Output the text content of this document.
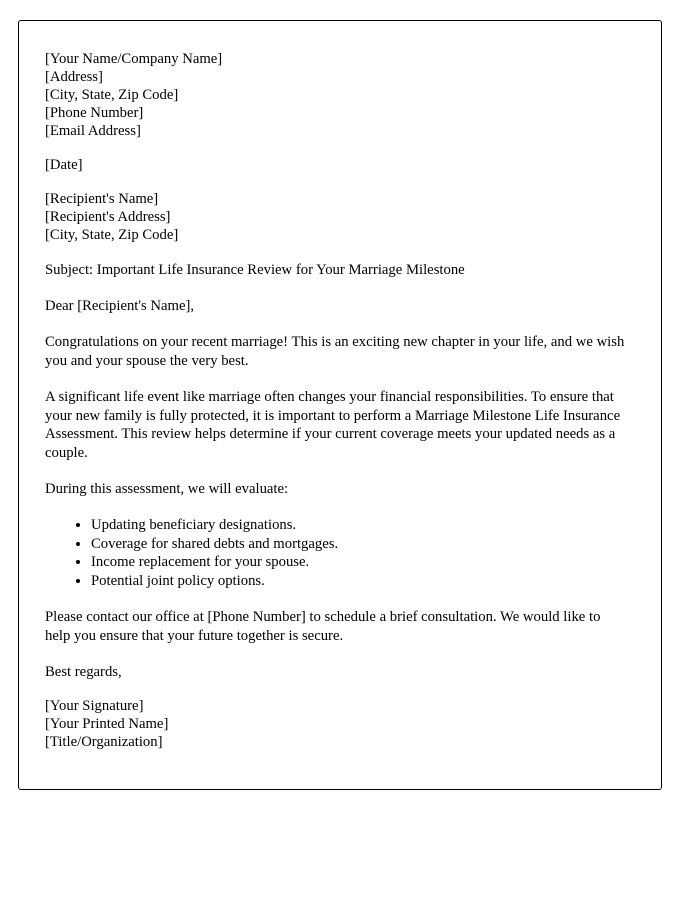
[Your Name/Company Name]
[Address]
[City, State, Zip Code]
[Phone Number]
[Email Address]
[Date]
[Recipient's Name]
[Recipient's Address]
[City, State, Zip Code]

Subject: Important Life Insurance Review for Your Marriage Milestone

Dear [Recipient's Name],

Congratulations on your recent marriage! This is an exciting new chapter in your life, and we wish you and your spouse the very best.

A significant life event like marriage often changes your financial responsibilities. To ensure that your new family is fully protected, it is important to perform a Marriage Milestone Life Insurance Assessment. This review helps determine if your current coverage meets your updated needs as a couple.

During this assessment, we will evaluate:

• Updating beneficiary designations.
• Coverage for shared debts and mortgages.
• Income replacement for your spouse.
• Potential joint policy options.

Please contact our office at [Phone Number] to schedule a brief consultation. We would like to help you ensure that your future together is secure.

Best regards,

[Your Signature]
[Your Printed Name]
[Title/Organization]
